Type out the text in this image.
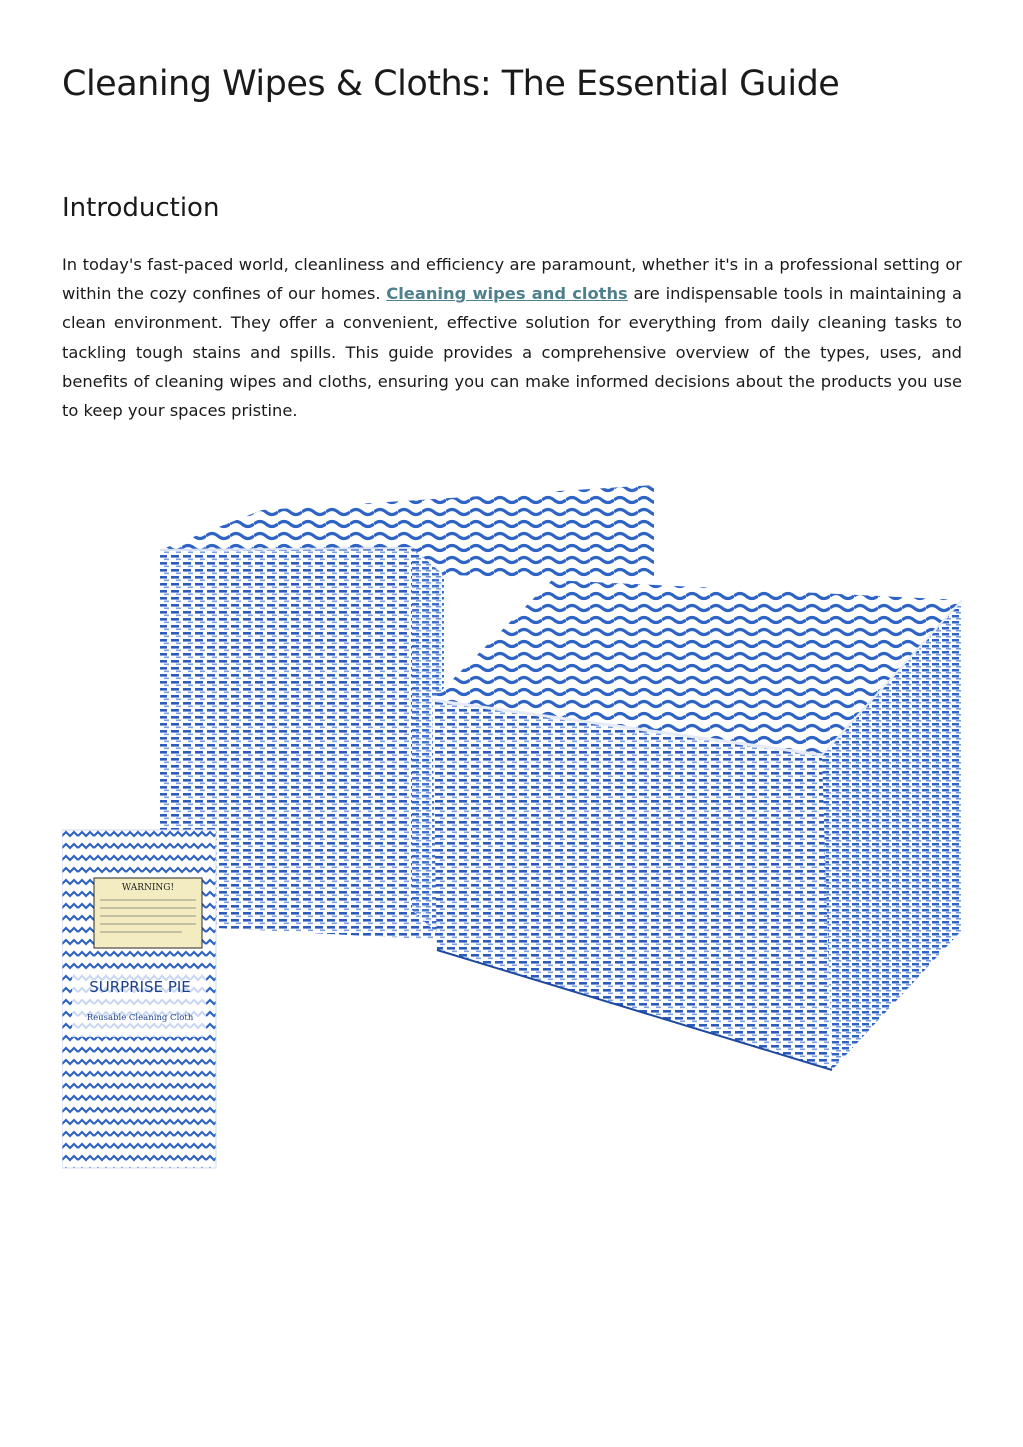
Cleaning Wipes & Cloths: The Essential Guide
Introduction

In today's fast-paced world, cleanliness and efficiency are paramount, whether it's in a professional setting or within the cozy confines of our homes. Cleaning wipes and cloths are indispensable tools in maintaining a clean environment. They offer a convenient, effective solution for everything from daily cleaning tasks to tackling tough stains and spills. This guide provides a comprehensive overview of the types, uses, and benefits of cleaning wipes and cloths, ensuring you can make informed decisions about the products you use to keep your spaces pristine.

WARNING!
SURPRISE PIE
Reusable Cleaning Cloth
